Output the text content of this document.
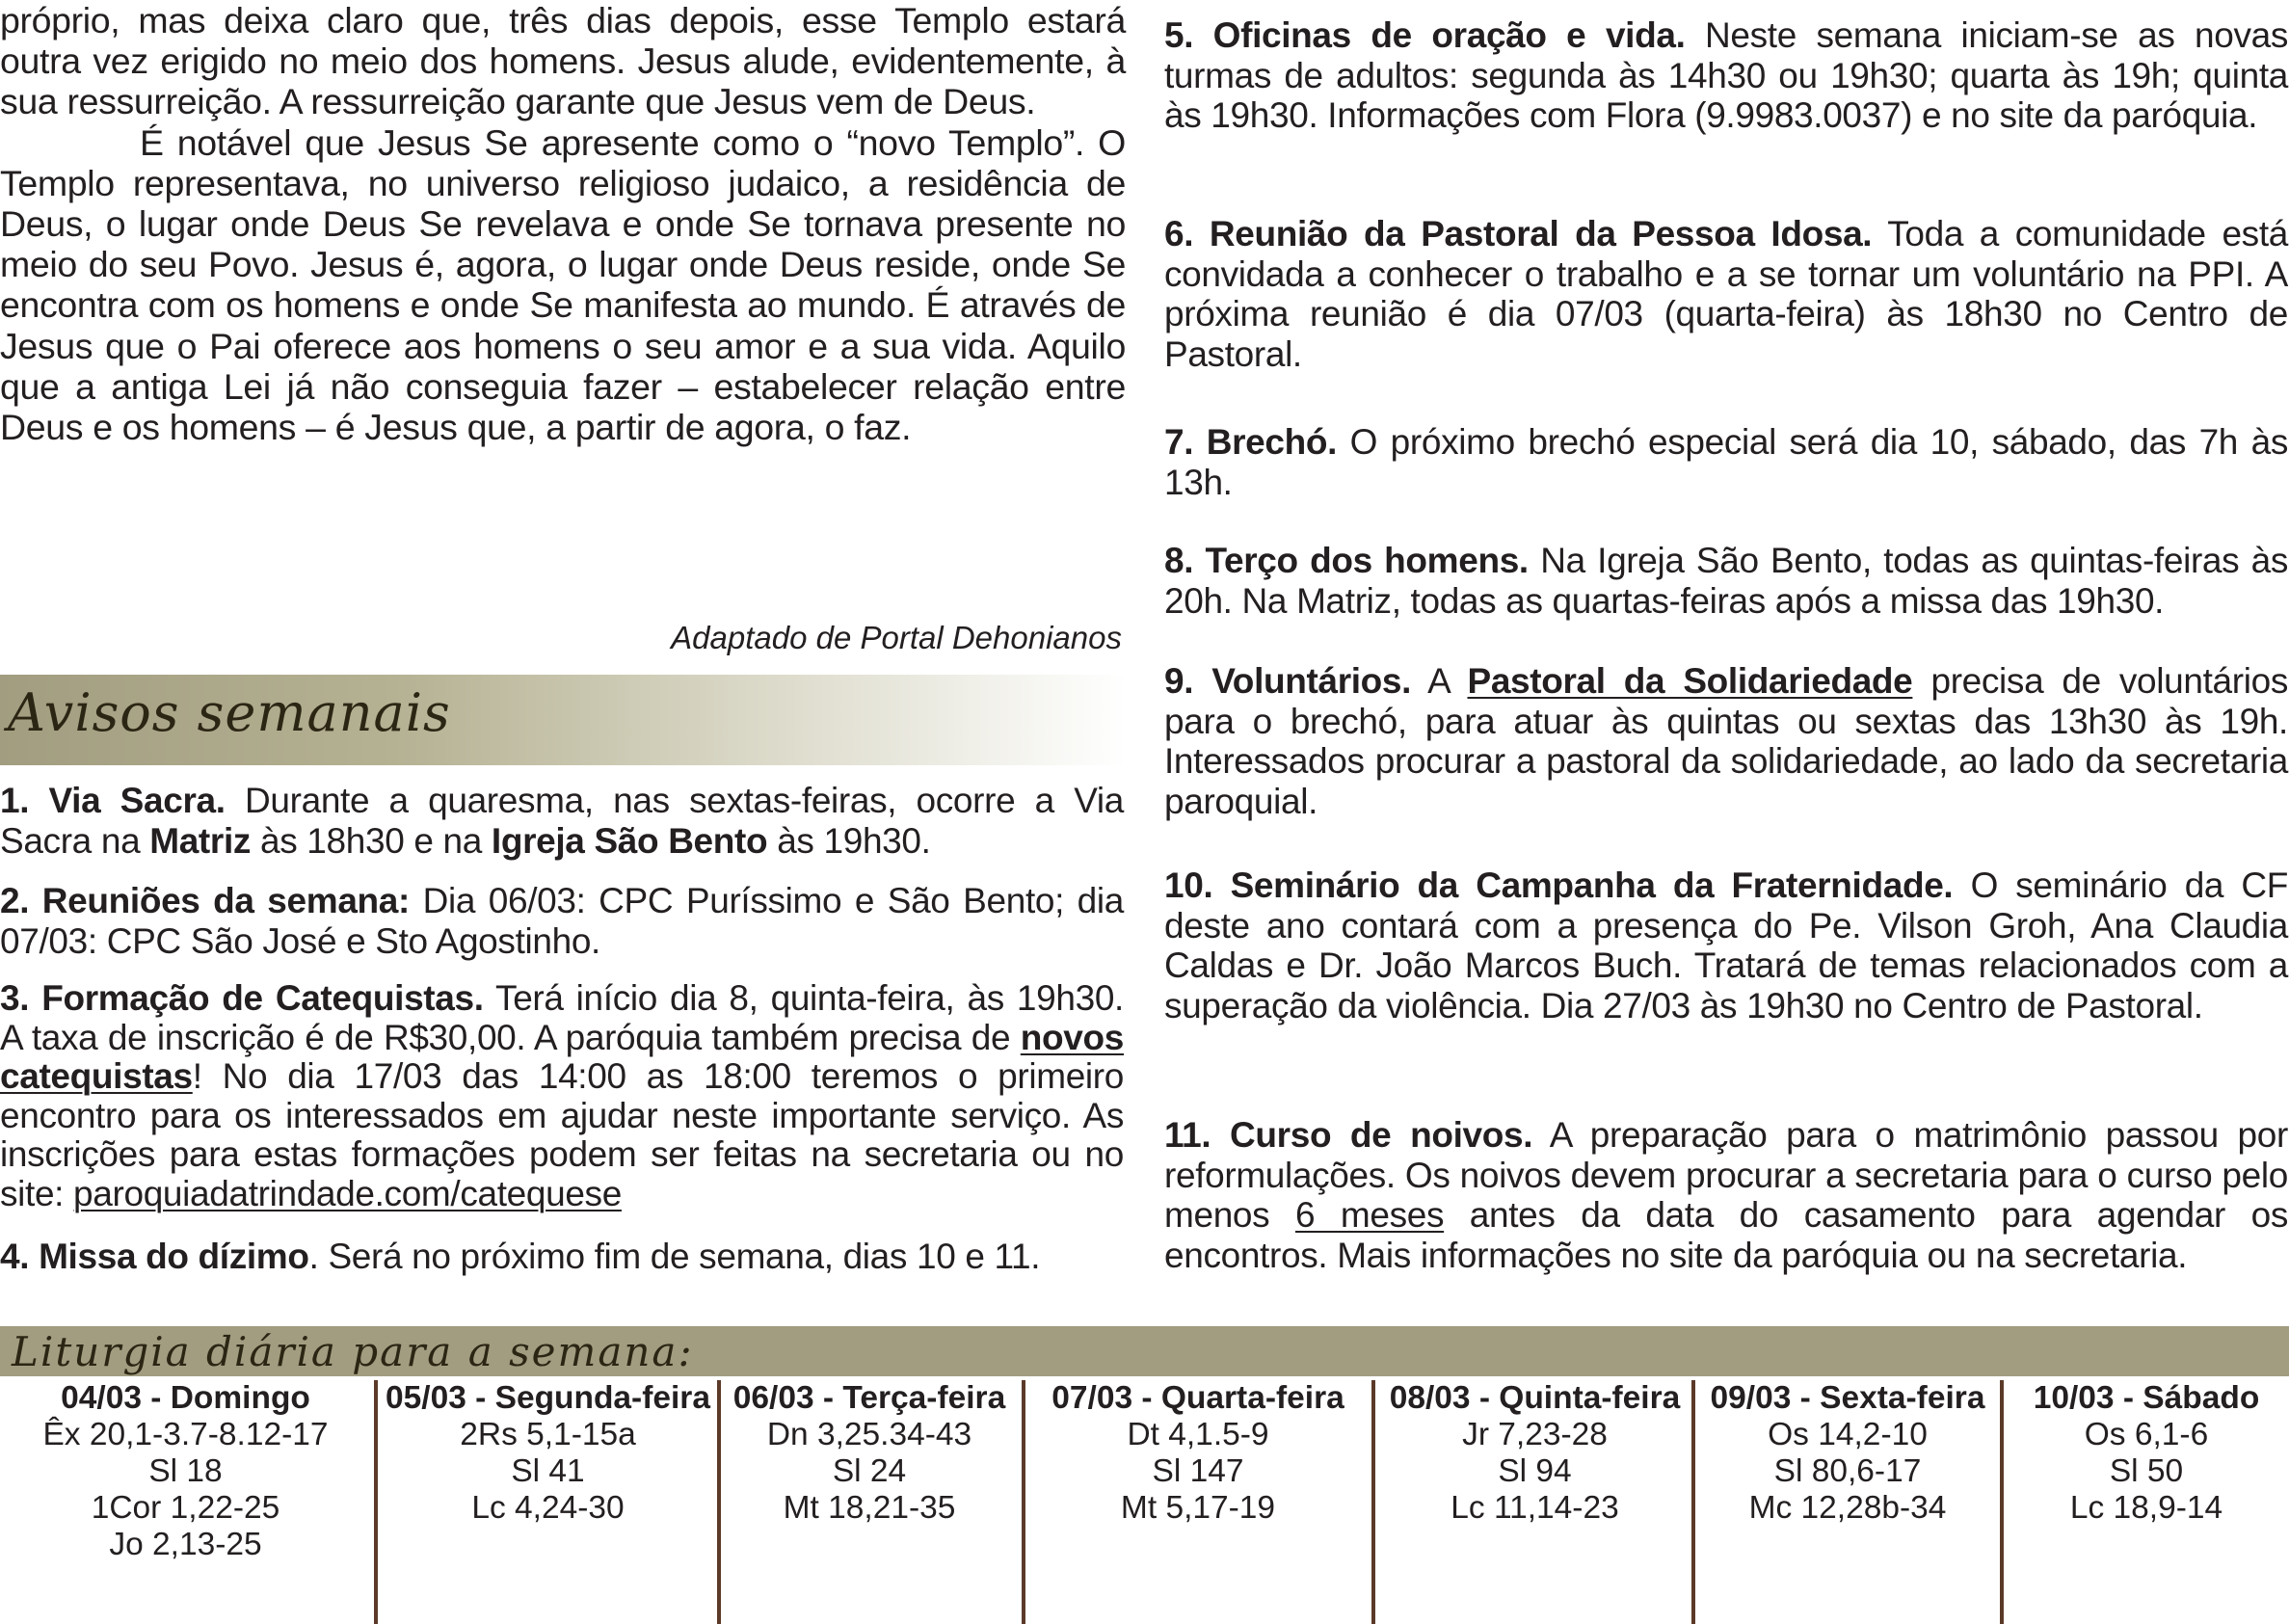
próprio, mas deixa claro que, três dias depois, esse Templo estará outra vez erigido no meio dos homens. Jesus alude, evidentemente, à sua ressurreição. A ressurreição garante que Jesus vem de Deus.

É notável que Jesus Se apresente como o “novo Templo”. O Templo representava, no universo religioso judaico, a residência de Deus, o lugar onde Deus Se revelava e onde Se tornava presente no meio do seu Povo. Jesus é, agora, o lugar onde Deus reside, onde Se encontra com os homens e onde Se manifesta ao mundo. É através de Jesus que o Pai oferece aos homens o seu amor e a sua vida. Aquilo que a antiga Lei já não conseguia fazer – estabelecer relação entre Deus e os homens – é Jesus que, a partir de agora, o faz.

Adaptado de Portal Dehonianos

Avisos semanais

1. Via Sacra. Durante a quaresma, nas sextas-feiras, ocorre a Via Sacra na Matriz às 18h30 e na Igreja São Bento às 19h30.

2. Reuniões da semana: Dia 06/03: CPC Puríssimo e São Bento; dia 07/03: CPC São José e Sto Agostinho.

3. Formação de Catequistas. Terá início dia 8, quinta-feira, às 19h30. A taxa de inscrição é de R$30,00. A paróquia também precisa de novos catequistas! No dia 17/03 das 14:00 as 18:00 teremos o primeiro encontro para os interessados em ajudar neste importante serviço. As inscrições para estas formações podem ser feitas na secretaria ou no site: paroquiadatrindade.com/catequese

4. Missa do dízimo. Será no próximo fim de semana, dias 10 e 11.

5. Oficinas de oração e vida. Neste semana iniciam-se as novas turmas de adultos: segunda às 14h30 ou 19h30; quarta às 19h; quinta às 19h30. Informações com Flora (9.9983.0037) e no site da paróquia.

6. Reunião da Pastoral da Pessoa Idosa. Toda a comunidade está convidada a conhecer o trabalho e a se tornar um voluntário na PPI. A próxima reunião é dia 07/03 (quarta-feira) às 18h30 no Centro de Pastoral.

7. Brechó. O próximo brechó especial será dia 10, sábado, das 7h às 13h.

8. Terço dos homens. Na Igreja São Bento, todas as quintas-feiras às 20h. Na Matriz, todas as quartas-feiras após a missa das 19h30.

9. Voluntários. A Pastoral da Solidariedade precisa de voluntários para o brechó, para atuar às quintas ou sextas das 13h30 às 19h. Interessados procurar a pastoral da solidariedade, ao lado da secretaria paroquial.

10. Seminário da Campanha da Fraternidade. O seminário da CF deste ano contará com a presença do Pe. Vilson Groh, Ana Claudia Caldas e Dr. João Marcos Buch. Tratará de temas relacionados com a superação da violência. Dia 27/03 às 19h30 no Centro de Pastoral.

11. Curso de noivos. A preparação para o matrimônio passou por reformulações. Os noivos devem procurar a secretaria para o curso pelo menos 6 meses antes da data do casamento para agendar os encontros. Mais informações no site da paróquia ou na secretaria.

Liturgia diária para a semana:
04/03 - Domingo
Êx 20,1-3.7-8.12-17
Sl 18
1Cor 1,22-25
Jo 2,13-25
05/03 - Segunda-feira
2Rs 5,1-15a
Sl 41
Lc 4,24-30
06/03 - Terça-feira
Dn 3,25.34-43
Sl 24
Mt 18,21-35
07/03 - Quarta-feira
Dt 4,1.5-9
Sl 147
Mt 5,17-19
08/03 - Quinta-feira
Jr 7,23-28
Sl 94
Lc 11,14-23
09/03 - Sexta-feira
Os 14,2-10
Sl 80,6-17
Mc 12,28b-34
10/03 - Sábado
Os 6,1-6
Sl 50
Lc 18,9-14
